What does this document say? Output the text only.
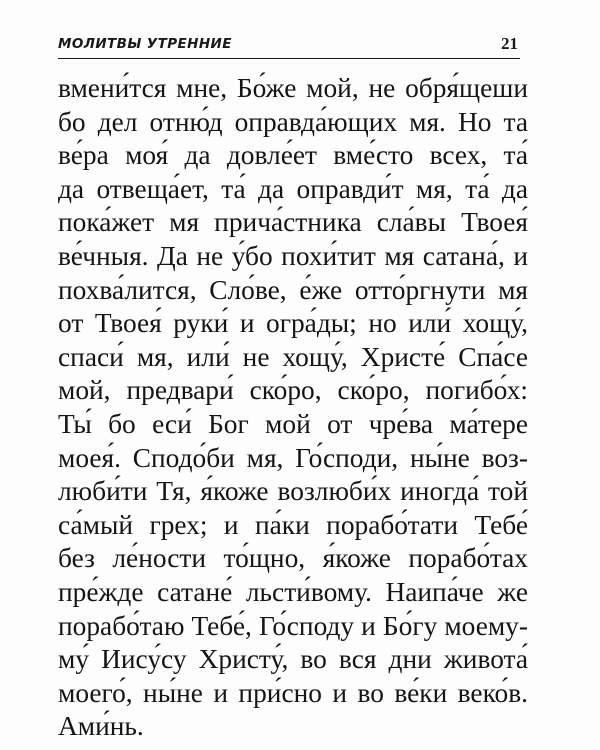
МОЛИТВЫ УТРЕННИЕ	21
вмени́тся мне, Бо́же мой, не обря́щеши
бо дел отню́д оправда́ющих мя. Но та
ве́ра моя́ да довле́ет вме́сто всех, та́
да отвеща́ет, та́ да оправди́т мя, та́ да
пока́жет мя прича́стника сла́вы Твоея́
ве́чныя. Да не у́бо похи́тит мя сатана́, и
похва́лится, Сло́ве, е́же отто́ргнути мя
от Твоея́ руки́ и огра́ды; но или́ хощу́,
спаси́ мя, или́ не хощу́, Христе́ Спа́се
мой, предвари́ ско́ро, ско́ро, погибо́х:
Ты́ бо еси́ Бог мой от чре́ва ма́тере
моея́. Сподо́би мя, Го́споди, ны́не воз-
люби́ти Тя, я́коже возлюби́х иногда́ той
са́мый грех; и па́ки порабо́тати Тебе́
без ле́ности то́щно, я́коже порабо́тах
пре́жде сатане́ льсти́вому. Наипа́че же
порабо́таю Тебе́, Го́споду и Бо́гу моему-
му́ Иису́су Христу́, во вся дни живота́
моего́, ны́не и при́сно и во ве́ки веко́в.
Ами́нь.
